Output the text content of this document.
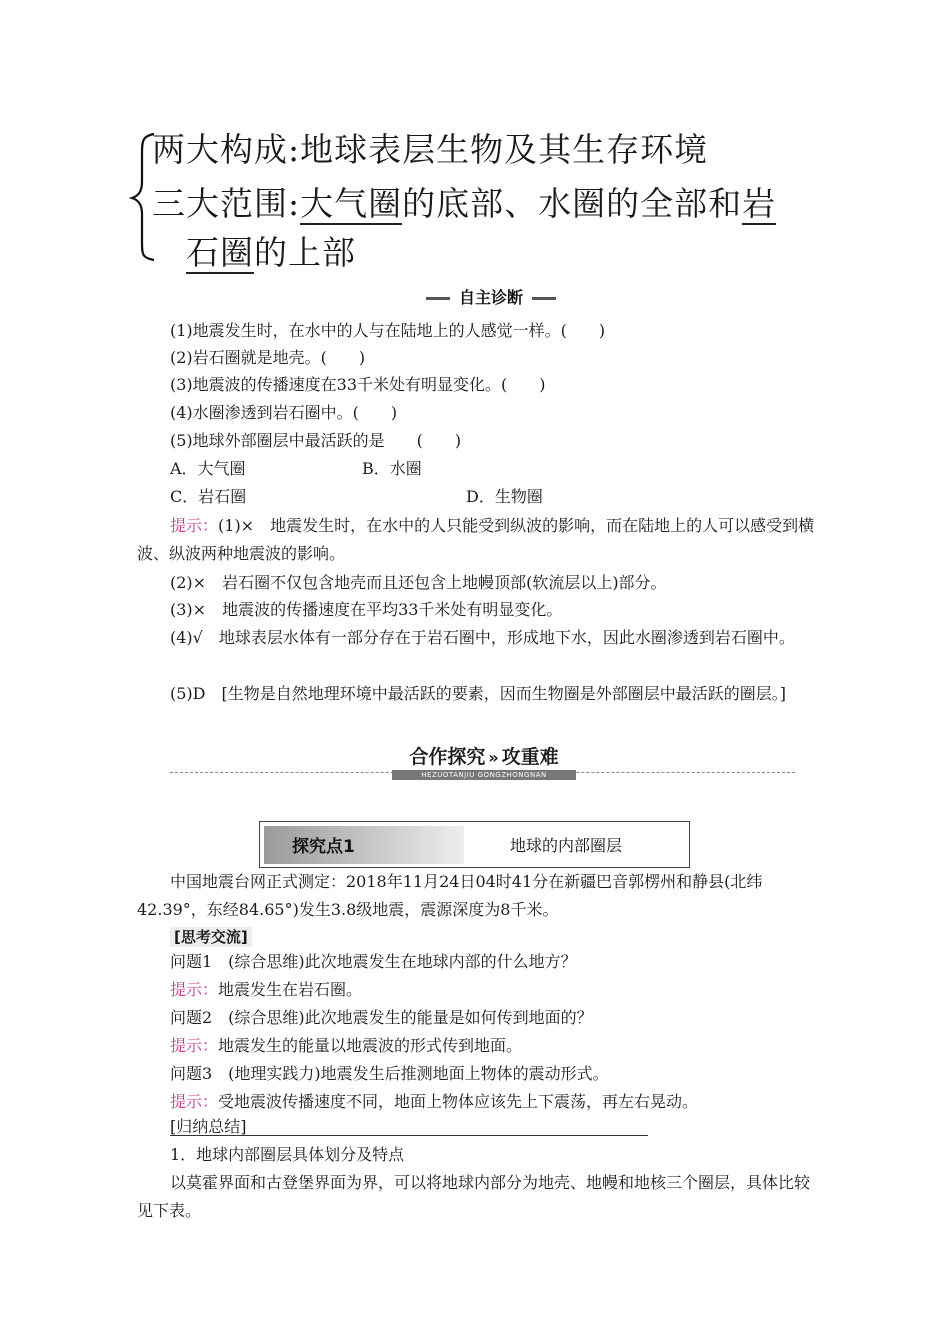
两大构成:地球表层生物及其生存环境
三大范围:大气圈的底部、水圈的全部和岩
石圈的上部
自主诊断
(1)地震发生时，在水中的人与在陆地上的人感觉一样。(　　)
(2)岩石圈就是地壳。(　　)
(3)地震波的传播速度在33千米处有明显变化。(　　)
(4)水圈渗透到岩石圈中。(　　)
(5)地球外部圈层中最活跃的是　　(　　)
A．大气圈	B．水圈
C．岩石圈	D．生物圈
提示：(1)×　地震发生时，在水中的人只能受到纵波的影响，而在陆地上的人可以感受到横波、纵波两种地震波的影响。
(2)×　岩石圈不仅包含地壳而且还包含上地幔顶部(软流层以上)部分。
(3)×　地震波的传播速度在平均33千米处有明显变化。
(4)√　地球表层水体有一部分存在于岩石圈中，形成地下水，因此水圈渗透到岩石圈中。
(5)D　[生物是自然地理环境中最活跃的要素，因而生物圈是外部圈层中最活跃的圈层。]
合作探究 » 攻重难
HEZUOTANJIU GONGZHONGNAN
探究点1	地球的内部圈层
中国地震台网正式测定：2018年11月24日04时41分在新疆巴音郭楞州和静县(北纬42.39°，东经84.65°)发生3.8级地震，震源深度为8千米。
[思考交流]
问题1　(综合思维)此次地震发生在地球内部的什么地方？
提示：地震发生在岩石圈。
问题2　(综合思维)此次地震发生的能量是如何传到地面的？
提示：地震发生的能量以地震波的形式传到地面。
问题3　(地理实践力)地震发生后推测地面上物体的震动形式。
提示：受地震波传播速度不同，地面上物体应该先上下震荡，再左右晃动。
[归纳总结]
1．地球内部圈层具体划分及特点
以莫霍界面和古登堡界面为界，可以将地球内部分为地壳、地幔和地核三个圈层，具体比较见下表。
